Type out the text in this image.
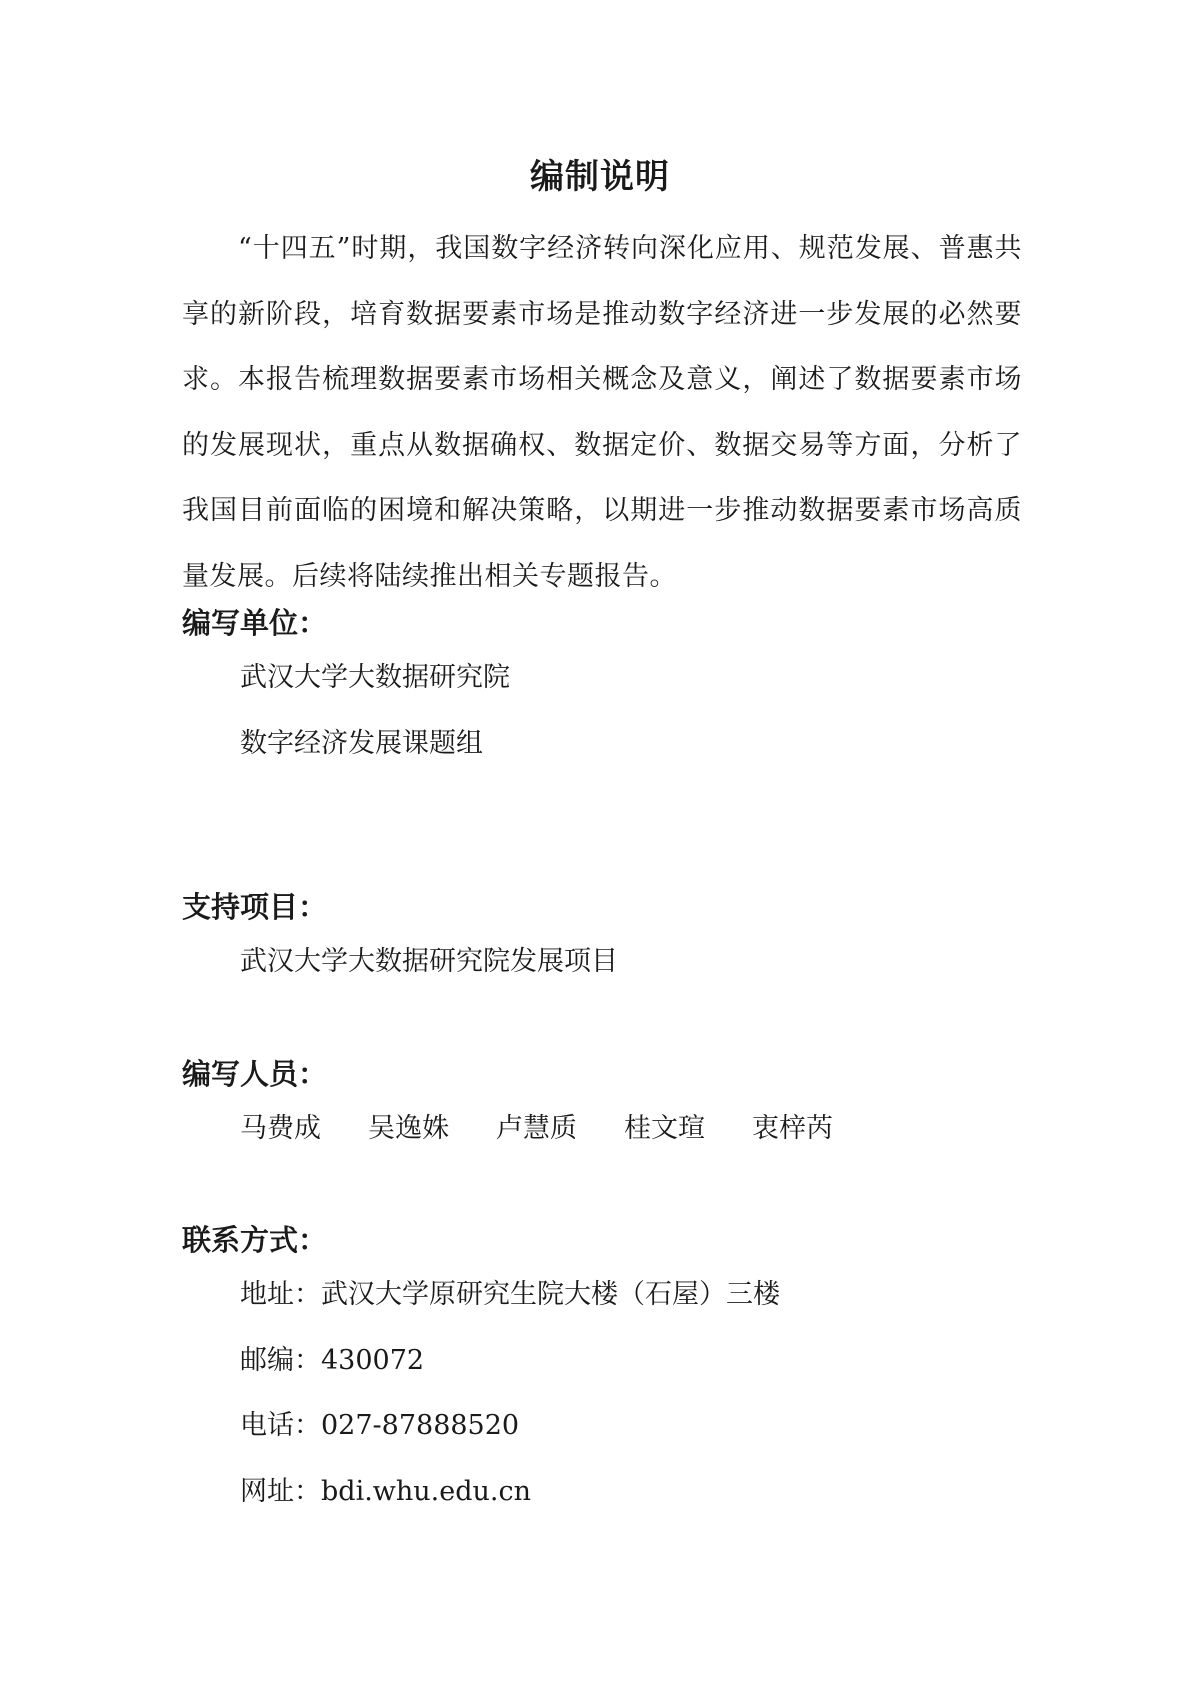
编制说明

“十四五”时期，我国数字经济转向深化应用、规范发展、普惠共享的新阶段，培育数据要素市场是推动数字经济进一步发展的必然要求。本报告梳理数据要素市场相关概念及意义，阐述了数据要素市场的发展现状，重点从数据确权、数据定价、数据交易等方面，分析了我国目前面临的困境和解决策略，以期进一步推动数据要素市场高质量发展。后续将陆续推出相关专题报告。

编写单位：
武汉大学大数据研究院
数字经济发展课题组
支持项目：
武汉大学大数据研究院发展项目
编写人员：
马费成	吴逸姝	卢慧质	桂文瑄	衷梓芮
联系方式：
地址：武汉大学原研究生院大楼（石屋）三楼
邮编：430072
电话：027-87888520
网址：bdi.whu.edu.cn
